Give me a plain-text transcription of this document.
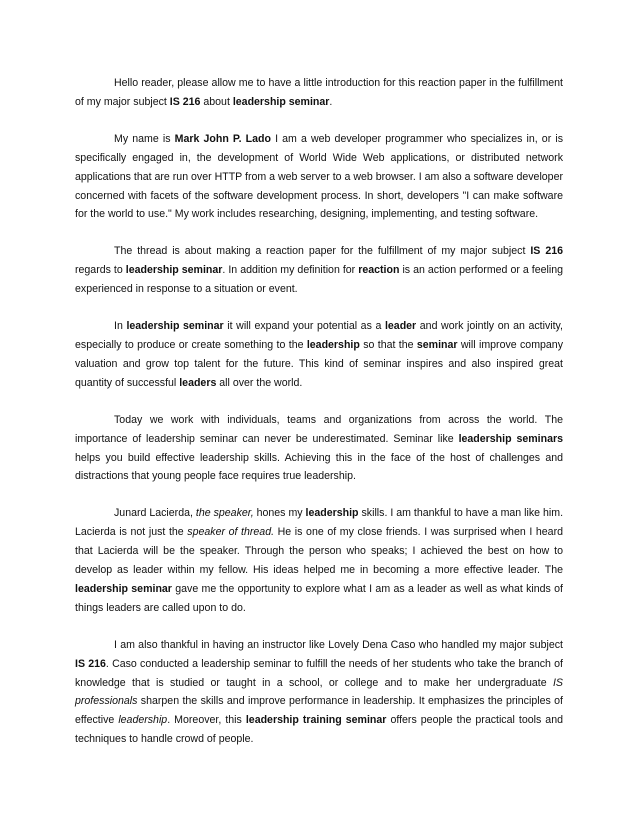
Hello reader, please allow me to have a little introduction for this reaction paper in the fulfillment of my major subject IS 216 about leadership seminar.

My name is Mark John P. Lado I am a web developer programmer who specializes in, or is specifically engaged in, the development of World Wide Web applications, or distributed network applications that are run over HTTP from a web server to a web browser. I am also a software developer concerned with facets of the software development process. In short, developers "I can make software for the world to use." My work includes researching, designing, implementing, and testing software.

The thread is about making a reaction paper for the fulfillment of my major subject IS 216 regards to leadership seminar. In addition my definition for reaction is an action performed or a feeling experienced in response to a situation or event.

In leadership seminar it will expand your potential as a leader and work jointly on an activity, especially to produce or create something to the leadership so that the seminar will improve company valuation and grow top talent for the future. This kind of seminar inspires and also inspired great quantity of successful leaders all over the world.

Today we work with individuals, teams and organizations from across the world. The importance of leadership seminar can never be underestimated. Seminar like leadership seminars helps you build effective leadership skills. Achieving this in the face of the host of challenges and distractions that young people face requires true leadership.

Junard Lacierda, the speaker, hones my leadership skills. I am thankful to have a man like him. Lacierda is not just the speaker of thread. He is one of my close friends. I was surprised when I heard that Lacierda will be the speaker. Through the person who speaks; I achieved the best on how to develop as leader within my fellow. His ideas helped me in becoming a more effective leader. The leadership seminar gave me the opportunity to explore what I am as a leader as well as what kinds of things leaders are called upon to do.

I am also thankful in having an instructor like Lovely Dena Caso who handled my major subject IS 216. Caso conducted a leadership seminar to fulfill the needs of her students who take the branch of knowledge that is studied or taught in a school, or college and to make her undergraduate IS professionals sharpen the skills and improve performance in leadership. It emphasizes the principles of effective leadership. Moreover, this leadership training seminar offers people the practical tools and techniques to handle crowd of people.
